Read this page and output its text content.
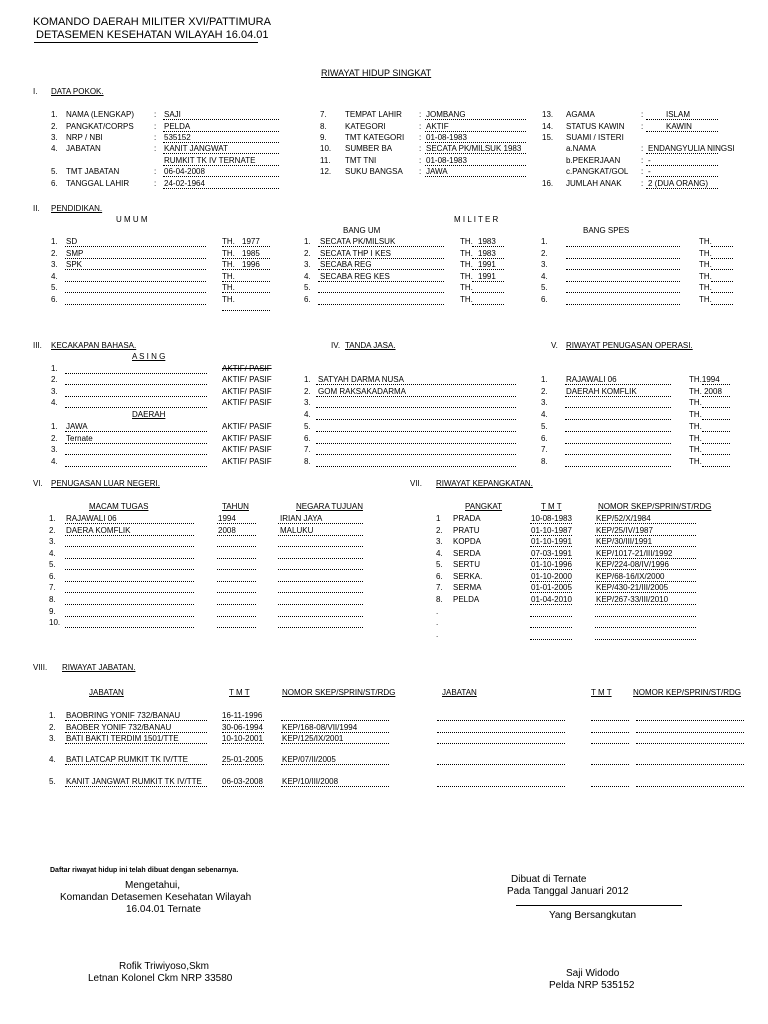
KOMANDO DAERAH MILITER XVI/PATTIMURA
DETASEMEN KESEHATAN WILAYAH 16.04.01
RIWAYAT HIDUP SINGKAT
I. DATA POKOK.
1. NAMA (LENGKAP) : SAJI
2. PANGKAT/CORPS	: PELDA
3. NRP / NBI	: 535152
4. JABATAN	: KANIT JANGWAT
RUMKIT TK IV TERNATE
5. TMT JABATAN	: 06-04-2008
6. TANGGAL LAHIR	: 24-02-1964
7. TEMPAT LAHIR : JOMBANG
8. KATEGORI	: AKTIF
9. TMT KATEGORI : 01-08-1983
10. SUMBER BA	: SECATA PK/MILSUK 1983
11. TMT TNI	: 01-08-1983
12. SUKU BANGSA : JAWA
13. AGAMA	:	ISLAM
14. STATUS KAWIN :	KAWIN
15. SUAMI / ISTERI
a.NAMA	: ENDANGYULIA NINGSI
b.PEKERJAAN	: -
c.PANGKAT/GOL : -
16. JUMLAH ANAK : 2 (DUA ORANG)
II. PENDIDIKAN.
U M U M	M I L I T E R
BANG UM	BANG SPES
1. SD	TH. 1977
2. SMP	TH. 1985
3. SPK	TH. 1996
4.	TH.
5.	TH.
6.	TH.
1. SECATA PK/MILSUK	TH. 1983
2. SECATA THP I KES	TH. 1983
3. SECABA REG	TH. 1991
4. SECABA REG KES	TH. 1991
5.	TH.
6.	TH.
1.	TH.
2.	TH.
3.	TH.
4.	TH.
5.	TH.
6.	TH.
III. KECAKAPAN BAHASA.
A S I N G
DAERAH
IV. TANDA JASA.	V. RIWAYAT PENUGASAN OPERASI.
1.	AKTIF/ PASIF
2.	AKTIF/ PASIF
3.	AKTIF/ PASIF
4.	AKTIF/ PASIF
1. JAWA	AKTIF/ PASIF
2. Ternate	AKTIF/ PASIF
3.	AKTIF/ PASIF
4.	AKTIF/ PASIF
1. SATYAH DARMA NUSA
2. GOM RAKSAKADARMA
3.
4.
5.
6.
7.
8.
1. RAJAWALI 06	TH.1994
2. DAERAH KOMFLIK	TH. 2008
3.	TH.
4.	TH.
5.	TH.
6.	TH.
7.	TH.
8.	TH.
VI. PENUGASAN LUAR NEGERI.
MACAM TUGAS	TAHUN	NEGARA TUJUAN
VII. RIWAYAT KEPANGKATAN.
PANGKAT	T M T	NOMOR SKEP/SPRIN/ST/RDG
1. RAJAWALI 06	1994	IRIAN JAYA
2. DAERA KOMFLIK	2008	MALUKU
3.
4.
5.
6.
7.
8.
9.
10.
1 PRADA	10-08-1983	KEP/52/X/1984
2. PRATU	01-10-1987	KEP/25/IV/1987
3. KOPDA	01-10-1991	KEP/30/III/1991
4. SERDA	07-03-1991	KEP/1017-21/III/1992
5. SERTU	01-10-1996	KEP/224-08/IV/1996
6. SERKA.	01-10-2000	KEP/68-16/IX/2000
7. SERMA	01-01-2005	KEP/430-21/III/2005
8. PELDA	01-04-2010	KEP/267-33/III/2010
.
.
.
VIII. RIWAYAT JABATAN.
JABATAN	T M T	NOMOR SKEP/SPRIN/ST/RDG	JABATAN	T M T	NOMOR KEP/SPRIN/ST/RDG
1. BAOBRING YONIF 732/BANAU	16-11-1996
2. BAOBER YONIF 732/BANAU	30-06-1994 KEP/168-08/VII/1994
3. BATI BAKTI TERDIM 1501/TTE	10-10-2001 KEP/125/IX/2001
4. BATI LATCAP RUMKIT TK IV/TTE	25-01-2005 KEP/07/II/2005
5. KANIT JANGWAT RUMKIT TK IV/TTE	06-03-2008 KEP/10/III/2008
Daftar riwayat hidup ini telah dibuat dengan sebenarnya.
Mengetahui,
Komandan Detasemen Kesehatan Wilayah
16.04.01 Ternate
Dibuat di Ternate
Pada Tanggal Januari 2012
Yang Bersangkutan
Rofik Triwiyoso,Skm
Letnan Kolonel Ckm NRP 33580	Saji Widodo
Pelda NRP 535152
